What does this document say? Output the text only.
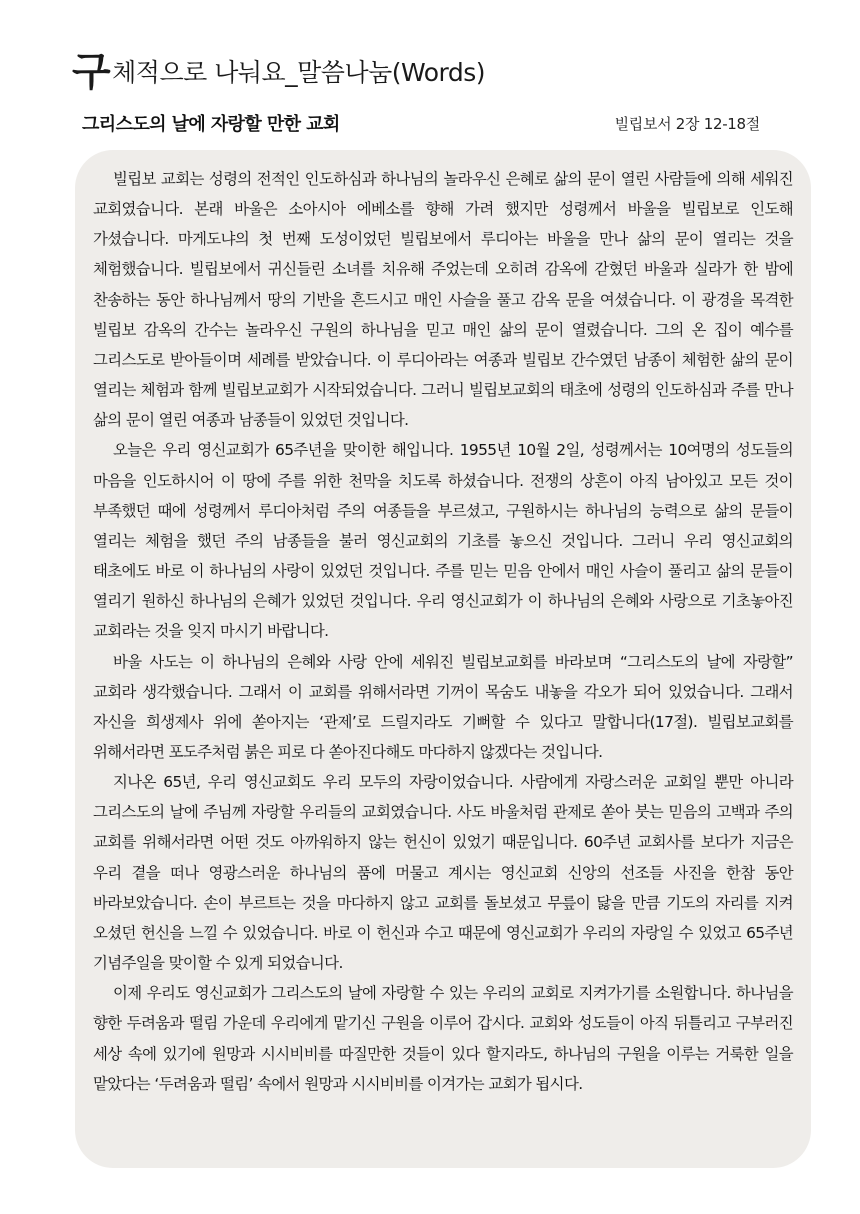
구체적으로 나눠요_말씀나눔(Words)
그리스도의 날에 자랑할 만한 교회	빌립보서 2장 12-18절

빌립보 교회는 성령의 전적인 인도하심과 하나님의 놀라우신 은혜로 삶의 문이 열린 사람들에 의해 세워진 교회였습니다. 본래 바울은 소아시아 에베소를 향해 가려 했지만 성령께서 바울을 빌립보로 인도해 가셨습니다. 마게도냐의 첫 번째 도성이었던 빌립보에서 루디아는 바울을 만나 삶의 문이 열리는 것을 체험했습니다. 빌립보에서 귀신들린 소녀를 치유해 주었는데 오히려 감옥에 갇혔던 바울과 실라가 한 밤에 찬송하는 동안 하나님께서 땅의 기반을 흔드시고 매인 사슬을 풀고 감옥 문을 여셨습니다. 이 광경을 목격한 빌립보 감옥의 간수는 놀라우신 구원의 하나님을 믿고 매인 삶의 문이 열렸습니다. 그의 온 집이 예수를 그리스도로 받아들이며 세례를 받았습니다. 이 루디아라는 여종과 빌립보 간수였던 남종이 체험한 삶의 문이 열리는 체험과 함께 빌립보교회가 시작되었습니다. 그러니 빌립보교회의 태초에 성령의 인도하심과 주를 만나 삶의 문이 열린 여종과 남종들이 있었던 것입니다.

오늘은 우리 영신교회가 65주년을 맞이한 해입니다. 1955년 10월 2일, 성령께서는 10여명의 성도들의 마음을 인도하시어 이 땅에 주를 위한 천막을 치도록 하셨습니다. 전쟁의 상흔이 아직 남아있고 모든 것이 부족했던 때에 성령께서 루디아처럼 주의 여종들을 부르셨고, 구원하시는 하나님의 능력으로 삶의 문들이 열리는 체험을 했던 주의 남종들을 불러 영신교회의 기초를 놓으신 것입니다. 그러니 우리 영신교회의 태초에도 바로 이 하나님의 사랑이 있었던 것입니다. 주를 믿는 믿음 안에서 매인 사슬이 풀리고 삶의 문들이 열리기 원하신 하나님의 은혜가 있었던 것입니다. 우리 영신교회가 이 하나님의 은혜와 사랑으로 기초놓아진 교회라는 것을 잊지 마시기 바랍니다.

바울 사도는 이 하나님의 은혜와 사랑 안에 세워진 빌립보교회를 바라보며 “그리스도의 날에 자랑할” 교회라 생각했습니다. 그래서 이 교회를 위해서라면 기꺼이 목숨도 내놓을 각오가 되어 있었습니다. 그래서 자신을 희생제사 위에 쏟아지는 ‘관제’로 드릴지라도 기뻐할 수 있다고 말합니다(17절). 빌립보교회를 위해서라면 포도주처럼 붉은 피로 다 쏟아진다해도 마다하지 않겠다는 것입니다.

지나온 65년, 우리 영신교회도 우리 모두의 자랑이었습니다. 사람에게 자랑스러운 교회일 뿐만 아니라 그리스도의 날에 주님께 자랑할 우리들의 교회였습니다. 사도 바울처럼 관제로 쏟아 붓는 믿음의 고백과 주의 교회를 위해서라면 어떤 것도 아까워하지 않는 헌신이 있었기 때문입니다. 60주년 교회사를 보다가 지금은 우리 곁을 떠나 영광스러운 하나님의 품에 머물고 계시는 영신교회 신앙의 선조들 사진을 한참 동안 바라보았습니다. 손이 부르트는 것을 마다하지 않고 교회를 돌보셨고 무릎이 닳을 만큼 기도의 자리를 지켜 오셨던 헌신을 느낄 수 있었습니다. 바로 이 헌신과 수고 때문에 영신교회가 우리의 자랑일 수 있었고 65주년 기념주일을 맞이할 수 있게 되었습니다.

이제 우리도 영신교회가 그리스도의 날에 자랑할 수 있는 우리의 교회로 지켜가기를 소원합니다. 하나님을 향한 두려움과 떨림 가운데 우리에게 맡기신 구원을 이루어 갑시다. 교회와 성도들이 아직 뒤틀리고 구부러진 세상 속에 있기에 원망과 시시비비를 따질만한 것들이 있다 할지라도, 하나님의 구원을 이루는 거룩한 일을 맡았다는 ‘두려움과 떨림’ 속에서 원망과 시시비비를 이겨가는 교회가 됩시다.
